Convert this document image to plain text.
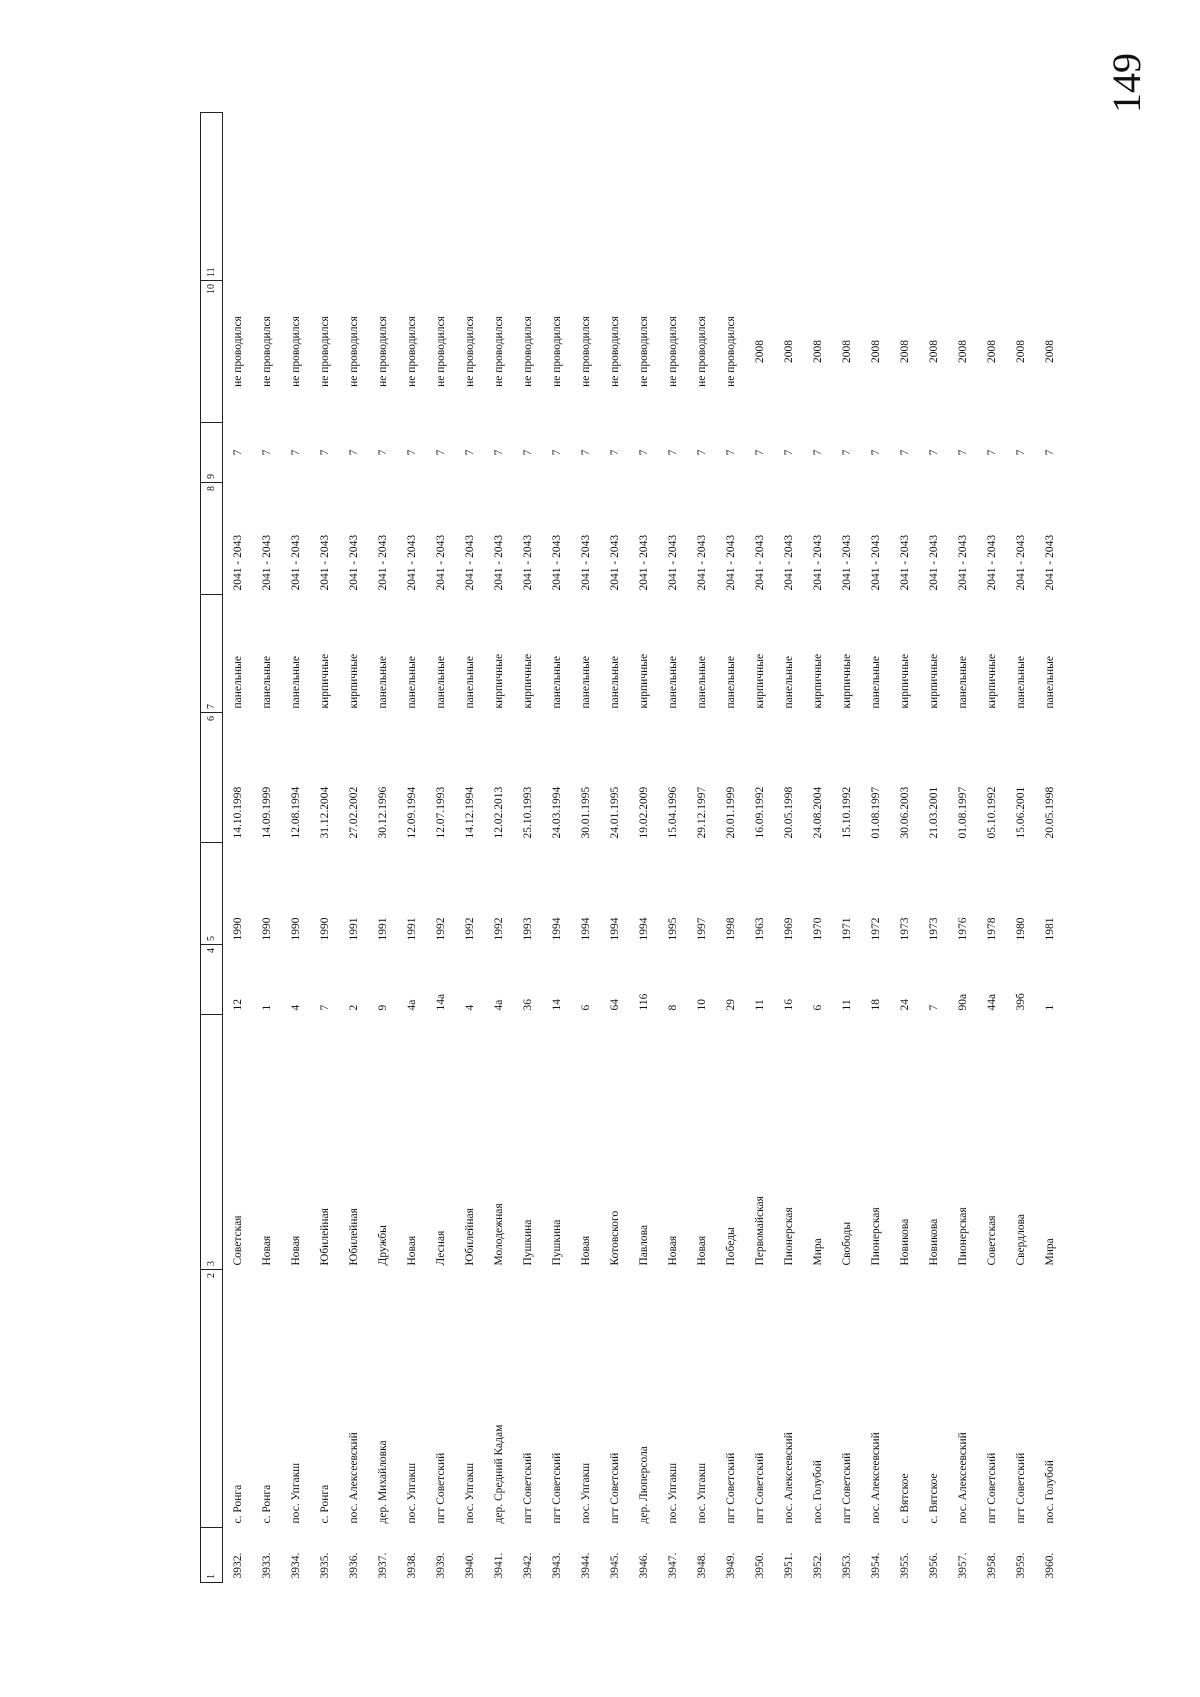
149
1	2	3	4	5	6	7	8	9	10	11
3932.	с. Ронга	Советская	12	1990	14.10.1998	панельные	2041 - 2043	7	не проводился	
3933.	с. Ронга	Новая	1	1990	14.09.1999	панельные	2041 - 2043	7	не проводился	
3934.	пос. Упгакш	Новая	4	1990	12.08.1994	панельные	2041 - 2043	7	не проводился	
3935.	с. Ронга	Юбилейная	7	1990	31.12.2004	кирпичные	2041 - 2043	7	не проводился	
3936.	пос. Алексеевский	Юбилейная	2	1991	27.02.2002	кирпичные	2041 - 2043	7	не проводился	
3937.	дер. Михайловка	Дружбы	9	1991	30.12.1996	панельные	2041 - 2043	7	не проводился	
3938.	пос. Упгакш	Новая	4а	1991	12.09.1994	панельные	2041 - 2043	7	не проводился	
3939.	пгт Советский	Лесная	14а	1992	12.07.1993	панельные	2041 - 2043	7	не проводился	
3940.	пос. Упгакш	Юбилейная	4	1992	14.12.1994	панельные	2041 - 2043	7	не проводился	
3941.	дер. Средний Кадам	Молодежная	4а	1992	12.02.2013	кирпичные	2041 - 2043	7	не проводился	
3942.	пгт Советский	Пушкина	36	1993	25.10.1993	кирпичные	2041 - 2043	7	не проводился	
3943.	пгт Советский	Пушкина	14	1994	24.03.1994	панельные	2041 - 2043	7	не проводился	
3944.	пос. Упгакш	Новая	6	1994	30.01.1995	панельные	2041 - 2043	7	не проводился	
3945.	пгт Советский	Котовского	64	1994	24.01.1995	панельные	2041 - 2043	7	не проводился	
3946.	дер. Люперсола	Павлова	116	1994	19.02.2009	кирпичные	2041 - 2043	7	не проводился	
3947.	пос. Упгакш	Новая	8	1995	15.04.1996	панельные	2041 - 2043	7	не проводился	
3948.	пос. Упгакш	Новая	10	1997	29.12.1997	панельные	2041 - 2043	7	не проводился	
3949.	пгт Советский	Победы	29	1998	20.01.1999	панельные	2041 - 2043	7	не проводился	
3950.	пгт Советский	Первомайская	11	1963	16.09.1992	кирпичные	2041 - 2043	7	2008	
3951.	пос. Алексеевский	Пионерская	16	1969	20.05.1998	панельные	2041 - 2043	7	2008	
3952.	пос. Голубой	Мира	6	1970	24.08.2004	кирпичные	2041 - 2043	7	2008	
3953.	пгт Советский	Свободы	11	1971	15.10.1992	кирпичные	2041 - 2043	7	2008	
3954.	пос. Алексеевский	Пионерская	18	1972	01.08.1997	панельные	2041 - 2043	7	2008	
3955.	с. Вятское	Новикова	24	1973	30.06.2003	кирпичные	2041 - 2043	7	2008	
3956.	с. Вятское	Новикова	7	1973	21.03.2001	кирпичные	2041 - 2043	7	2008	
3957.	пос. Алексеевский	Пионерская	90а	1976	01.08.1997	панельные	2041 - 2043	7	2008	
3958.	пгт Советский	Советская	44а	1978	05.10.1992	кирпичные	2041 - 2043	7	2008	
3959.	пгт Советский	Свердлова	39б	1980	15.06.2001	панельные	2041 - 2043	7	2008	
3960.	пос. Голубой	Мира	1	1981	20.05.1998	панельные	2041 - 2043	7	2008	
